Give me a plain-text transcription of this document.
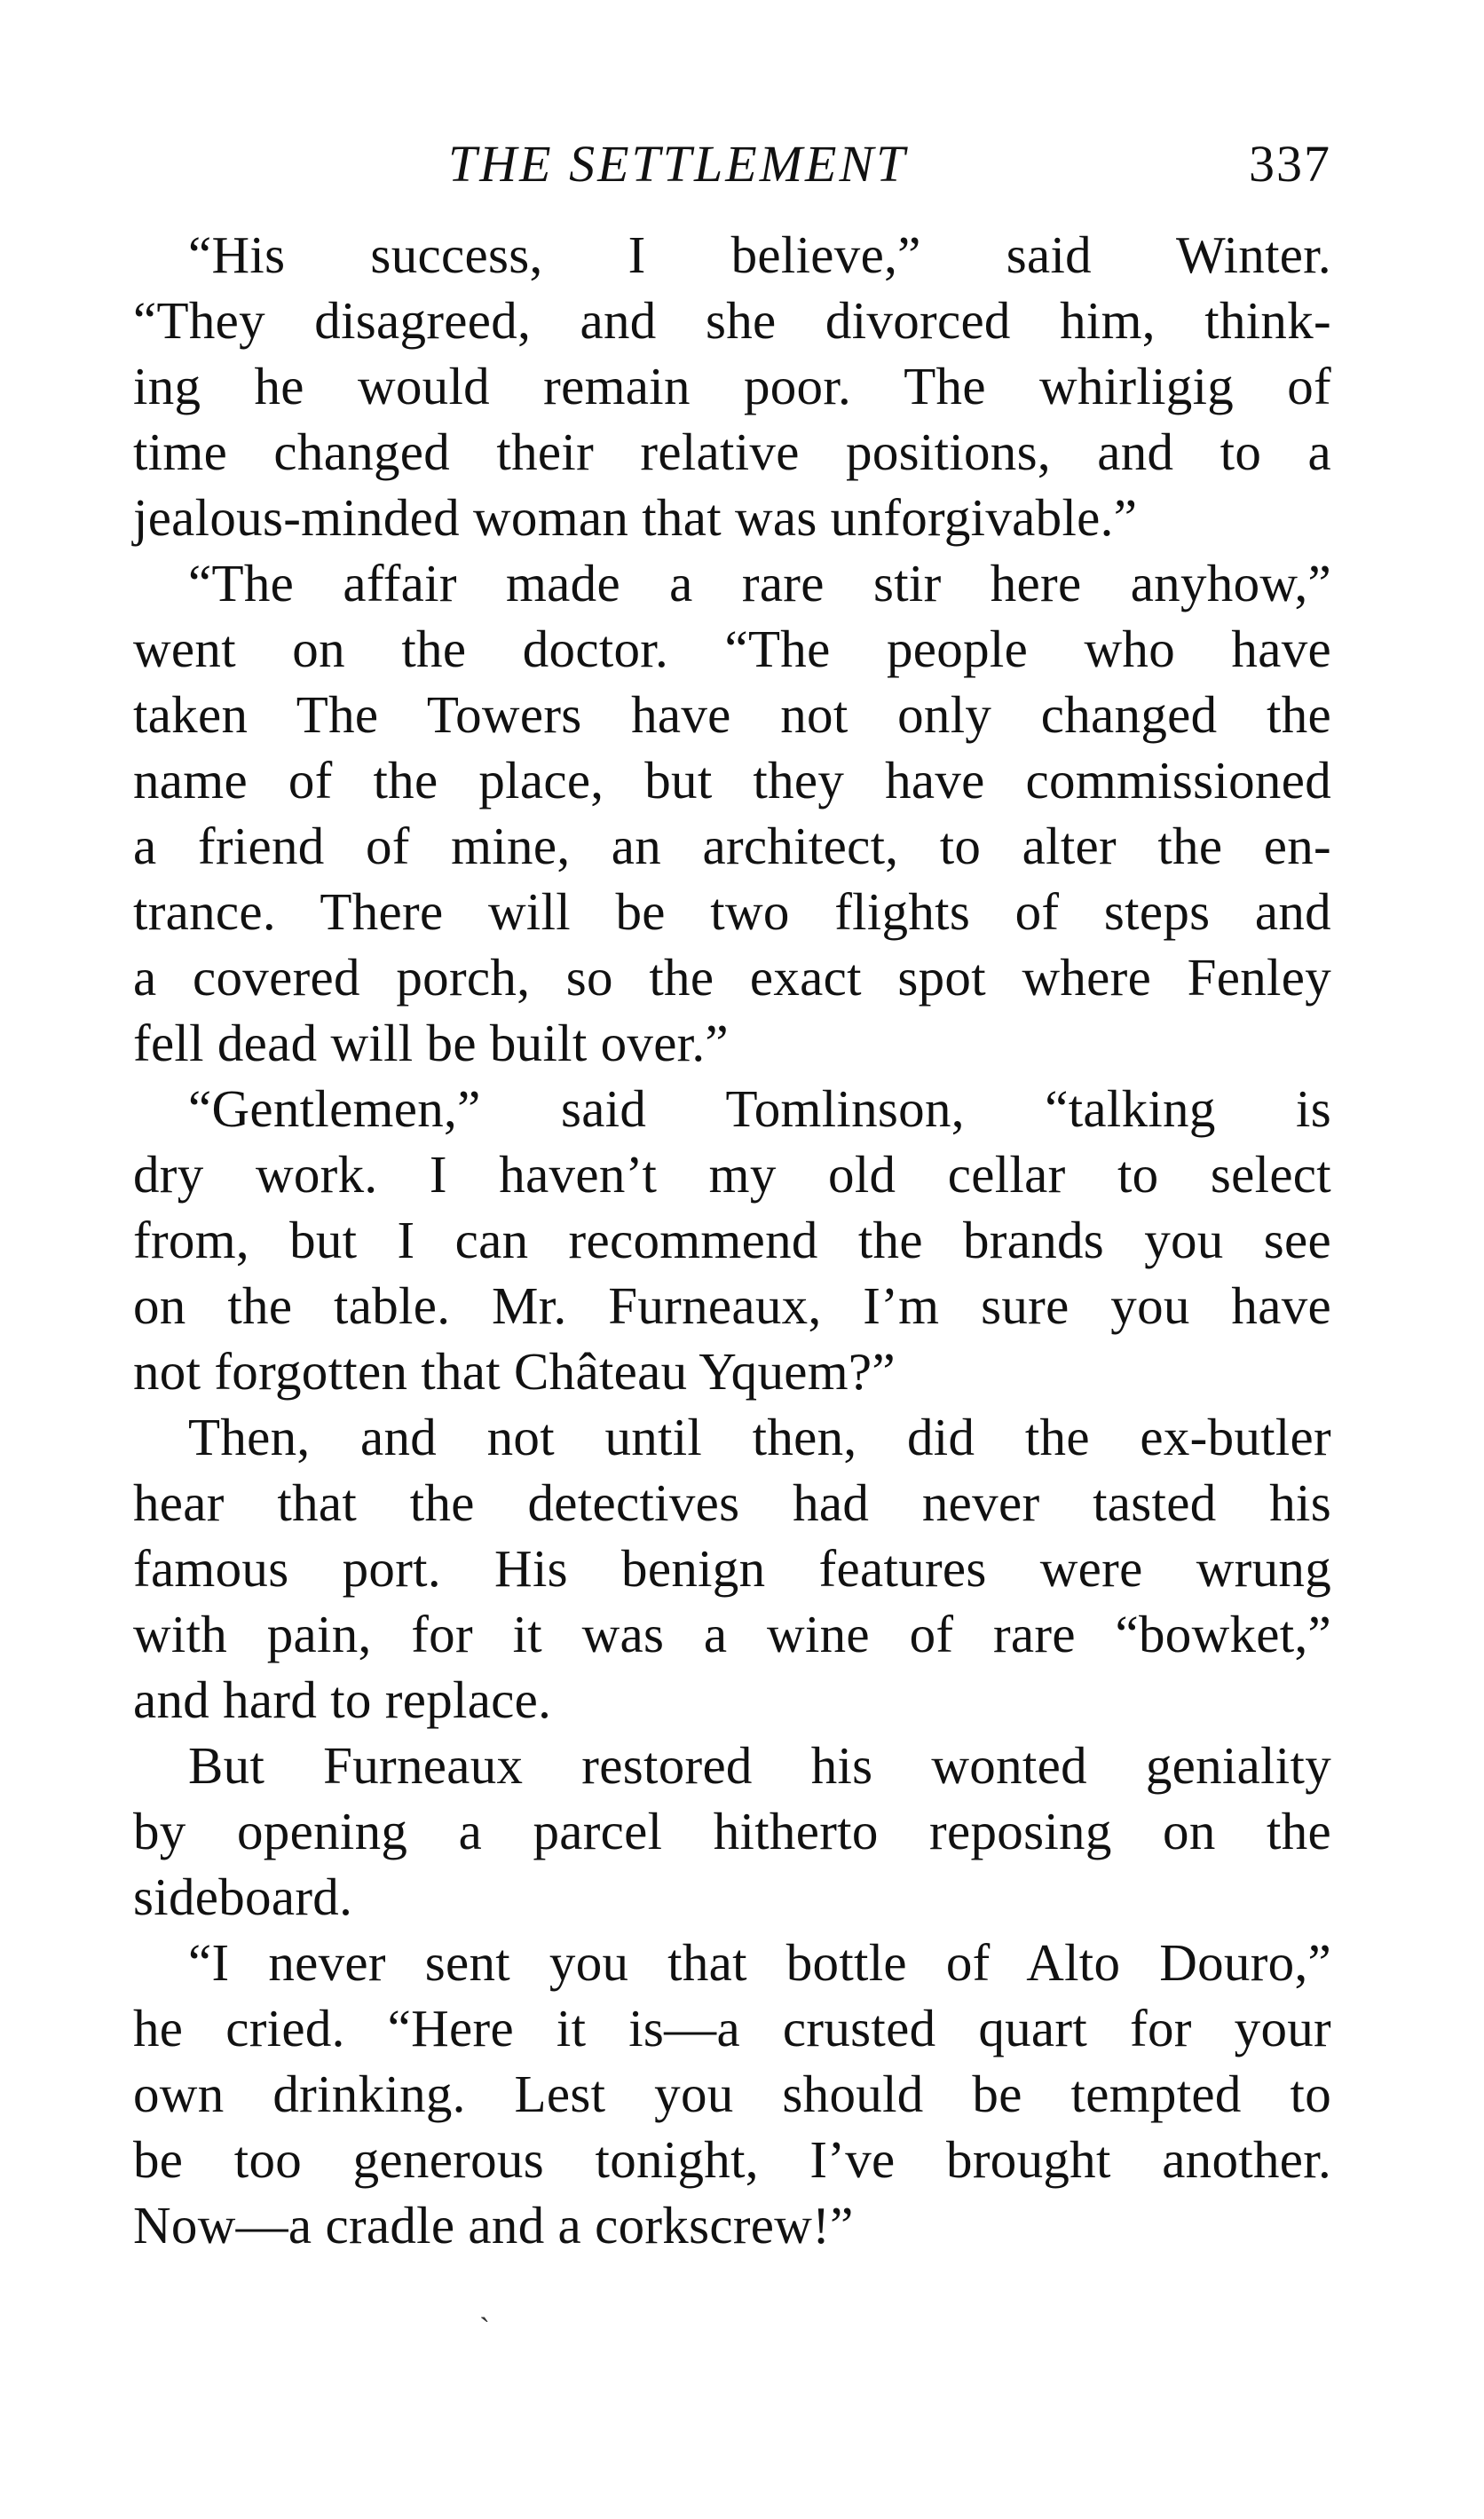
THE SETTLEMENT	337
“His success, I believe,” said Winter.
“They disagreed, and she divorced him, think-
ing he would remain poor. The whirligig of
time changed their relative positions, and to a
jealous-minded woman that was unforgivable.”
“The affair made a rare stir here anyhow,”
went on the doctor. “The people who have
taken The Towers have not only changed the
name of the place, but they have commissioned
a friend of mine, an architect, to alter the en-
trance. There will be two flights of steps and
a covered porch, so the exact spot where Fenley
fell dead will be built over.”
“Gentlemen,” said Tomlinson, “talking is
dry work. I haven’t my old cellar to select
from, but I can recommend the brands you see
on the table. Mr. Furneaux, I’m sure you have
not forgotten that Château Yquem?”
Then, and not until then, did the ex-butler
hear that the detectives had never tasted his
famous port. His benign features were wrung
with pain, for it was a wine of rare “bowket,”
and hard to replace.
But Furneaux restored his wonted geniality
by opening a parcel hitherto reposing on the
sideboard.
“I never sent you that bottle of Alto Douro,”
he cried. “Here it is—a crusted quart for your
own drinking. Lest you should be tempted to
be too generous tonight, I’ve brought another.
Now—a cradle and a corkscrew!”
ˎ
